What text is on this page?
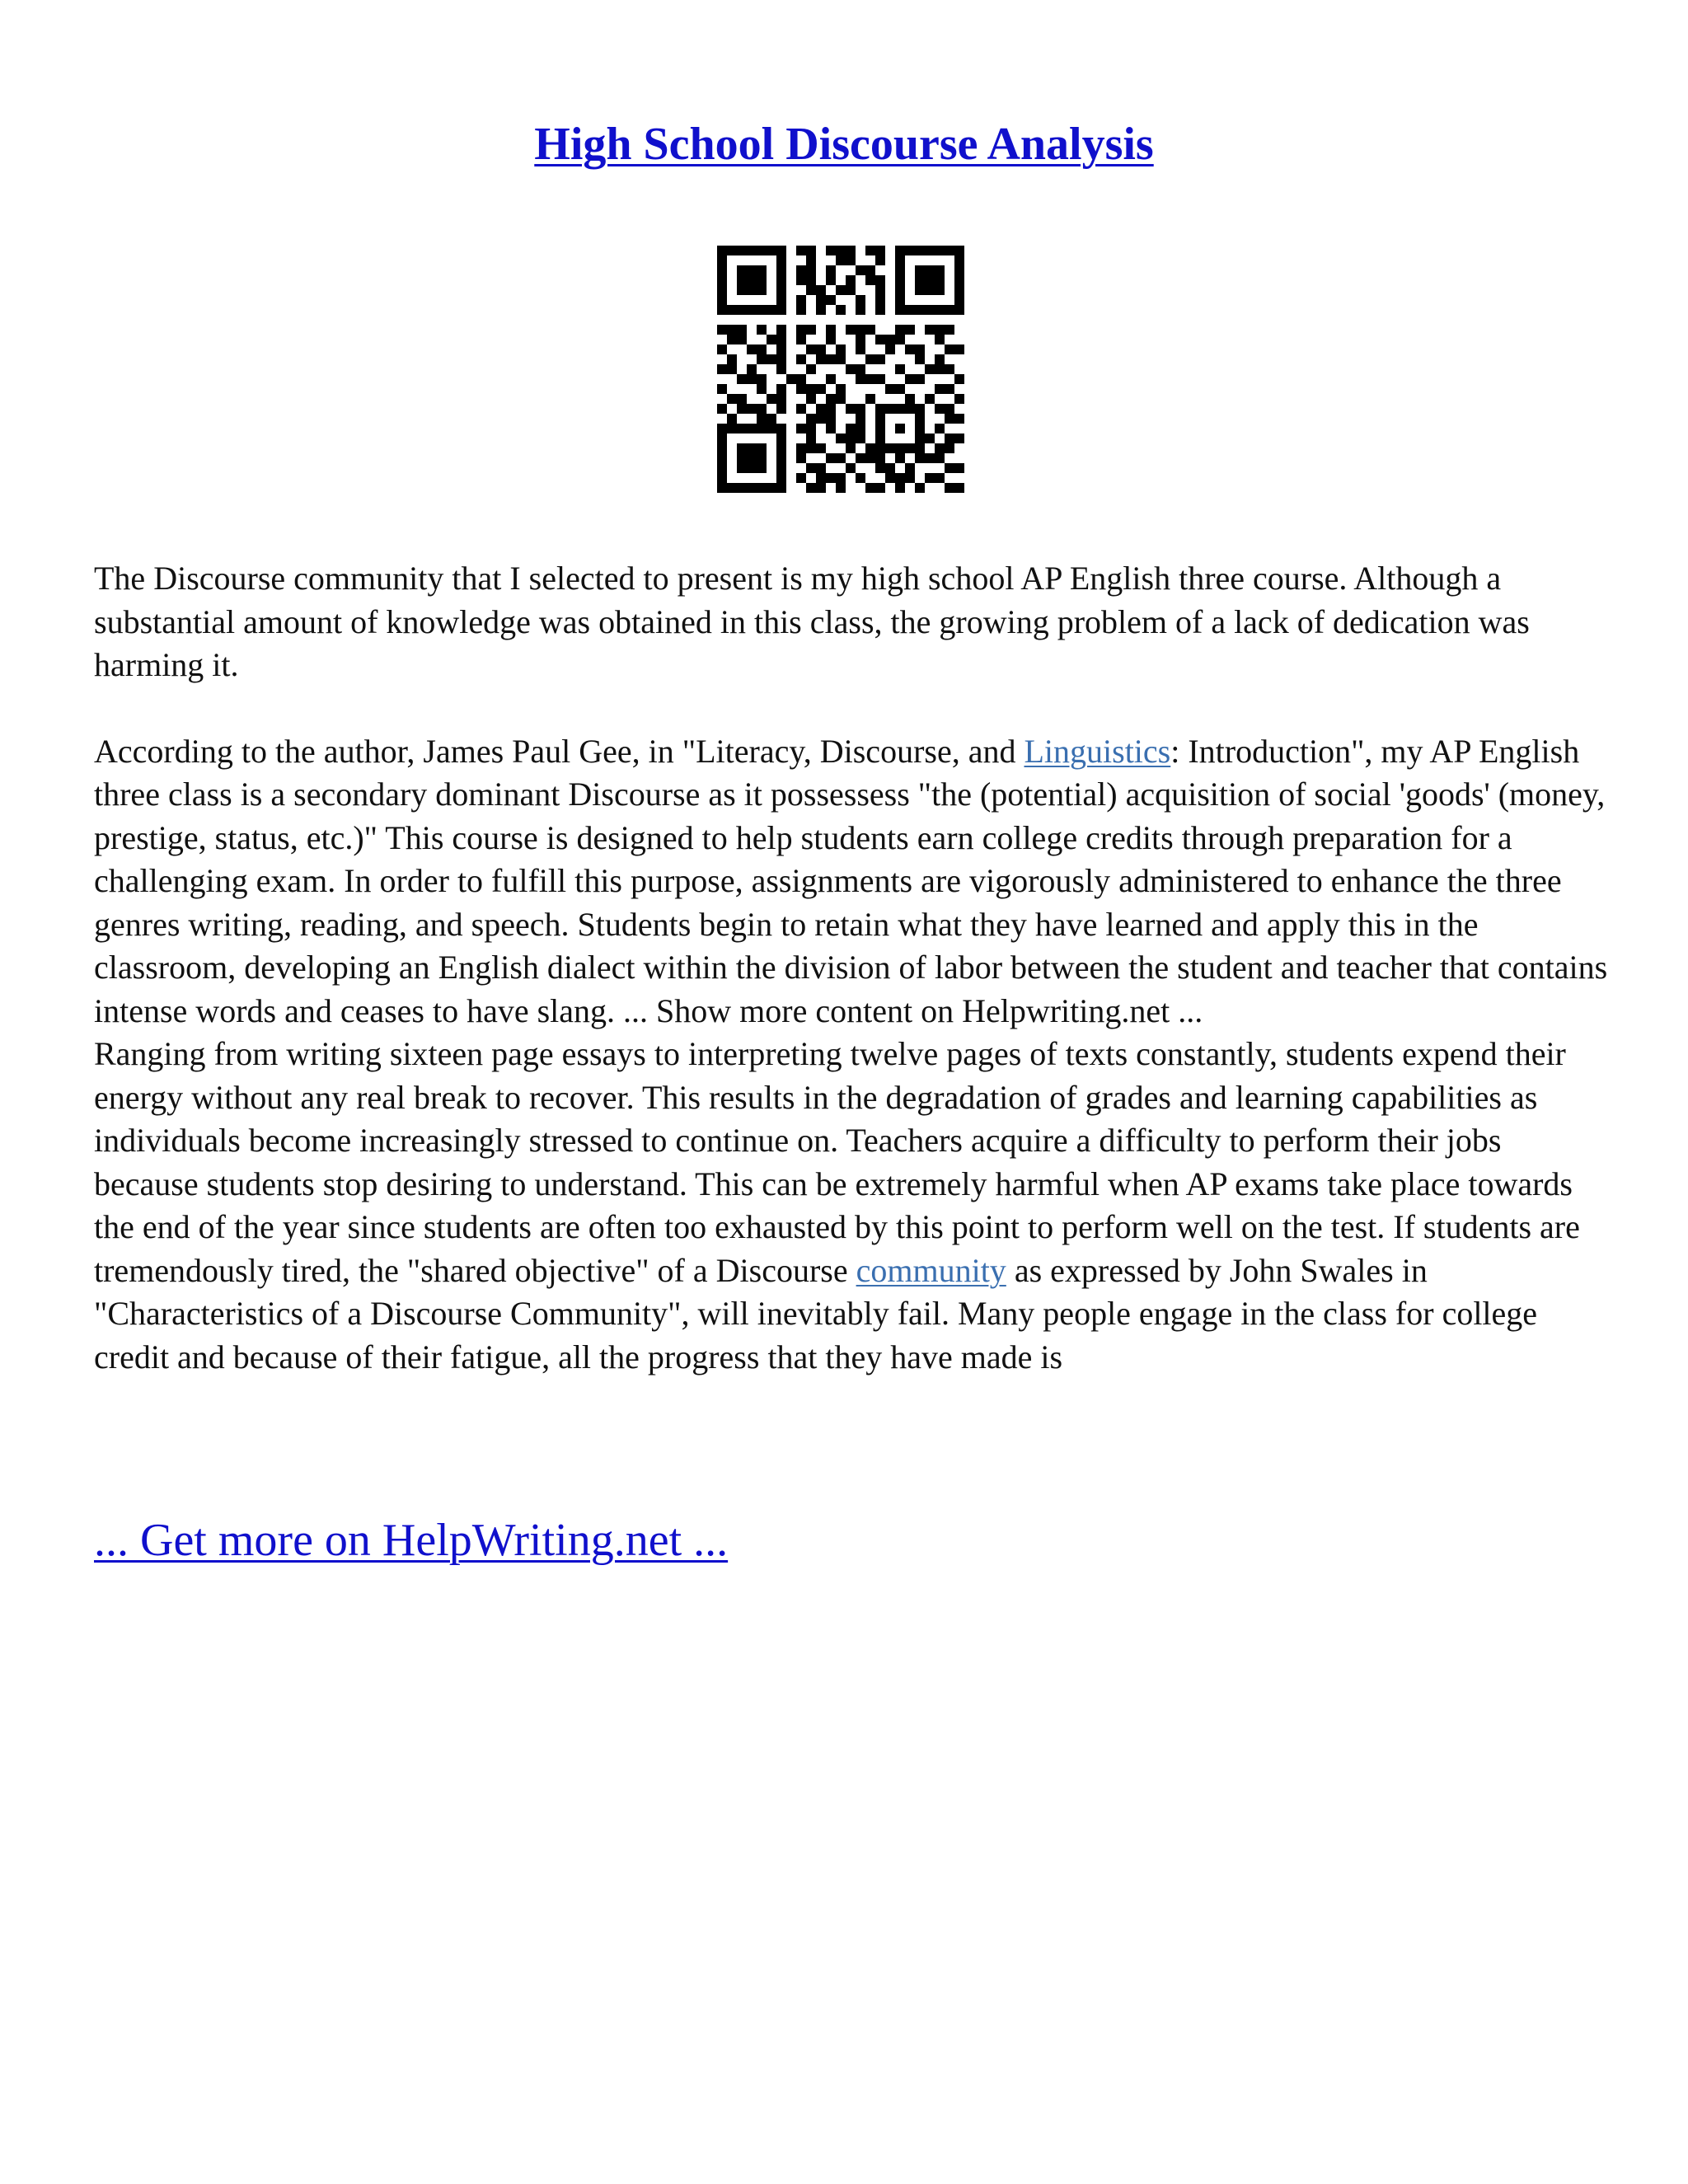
High School Discourse Analysis

The Discourse community that I selected to present is my high school AP English three course. Although a substantial amount of knowledge was obtained in this class, the growing problem of a lack of dedication was harming it.

According to the author, James Paul Gee, in "Literacy, Discourse, and Linguistics: Introduction", my AP English three class is a secondary dominant Discourse as it possessess "the (potential) acquisition of social 'goods' (money, prestige, status, etc.)" This course is designed to help students earn college credits through preparation for a challenging exam. In order to fulfill this purpose, assignments are vigorously administered to enhance the three genres writing, reading, and speech. Students begin to retain what they have learned and apply this in the classroom, developing an English dialect within the division of labor between the student and teacher that contains intense words and ceases to have slang. ... Show more content on Helpwriting.net ...

Ranging from writing sixteen page essays to interpreting twelve pages of texts constantly, students expend their energy without any real break to recover. This results in the degradation of grades and learning capabilities as individuals become increasingly stressed to continue on. Teachers acquire a difficulty to perform their jobs because students stop desiring to understand. This can be extremely harmful when AP exams take place towards the end of the year since students are often too exhausted by this point to perform well on the test. If students are tremendously tired, the "shared objective" of a Discourse community as expressed by John Swales in "Characteristics of a Discourse Community", will inevitably fail. Many people engage in the class for college credit and because of their fatigue, all the progress that they have made is

... Get more on HelpWriting.net ...
